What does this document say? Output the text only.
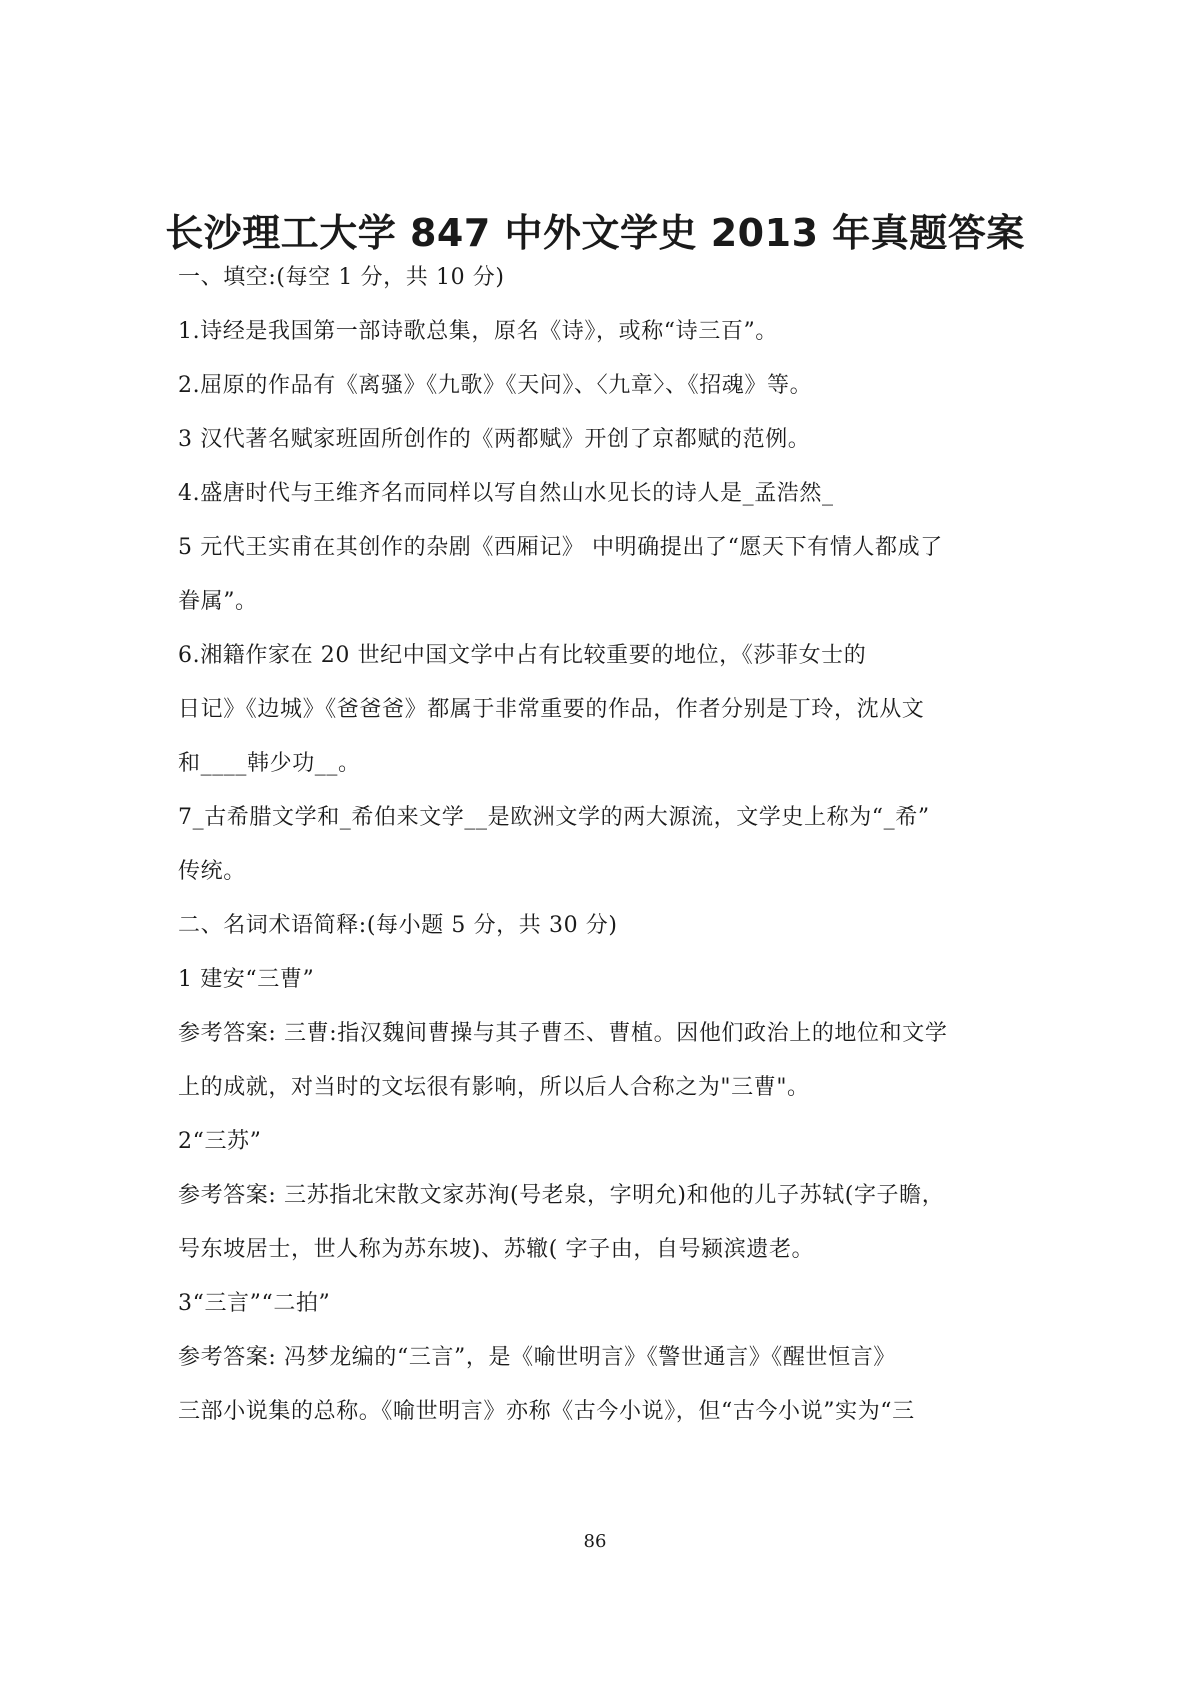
长沙理工大学 847 中外文学史 2013 年真题答案
一、填空:(每空 1 分，共 10 分)
1.诗经是我国第一部诗歌总集，原名《诗》，或称“诗三百”。
2.屈原的作品有《离骚》《九歌》《天问》、〈九章〉、《招魂》等。
3 汉代著名赋家班固所创作的《两都赋》开创了京都赋的范例。
4.盛唐时代与王维齐名而同样以写自然山水见长的诗人是_孟浩然_
5 元代王实甫在其创作的杂剧《西厢记》 中明确提出了“愿天下有情人都成了
眷属”。
6.湘籍作家在 20 世纪中国文学中占有比较重要的地位，《莎菲女士的
日记》《边城》《爸爸爸》都属于非常重要的作品，作者分别是丁玲，沈从文
和____韩少功__。
7_古希腊文学和_希伯来文学__是欧洲文学的两大源流，文学史上称为“_希”
传统。
二、名词术语简释:(每小题 5 分，共 30 分)
1 建安“三曹”
参考答案: 三曹:指汉魏间曹操与其子曹丕、曹植。因他们政治上的地位和文学
上的成就，对当时的文坛很有影响，所以后人合称之为"三曹"。
2“三苏”
参考答案: 三苏指北宋散文家苏洵(号老泉，字明允)和他的儿子苏轼(字子瞻，
号东坡居士，世人称为苏东坡)、苏辙( 字子由，自号颍滨遗老。
3“三言”“二拍”
参考答案: 冯梦龙编的“三言”，是《喻世明言》《警世通言》《醒世恒言》
三部小说集的总称。《喻世明言》亦称《古今小说》，但“古今小说”实为“三
86
